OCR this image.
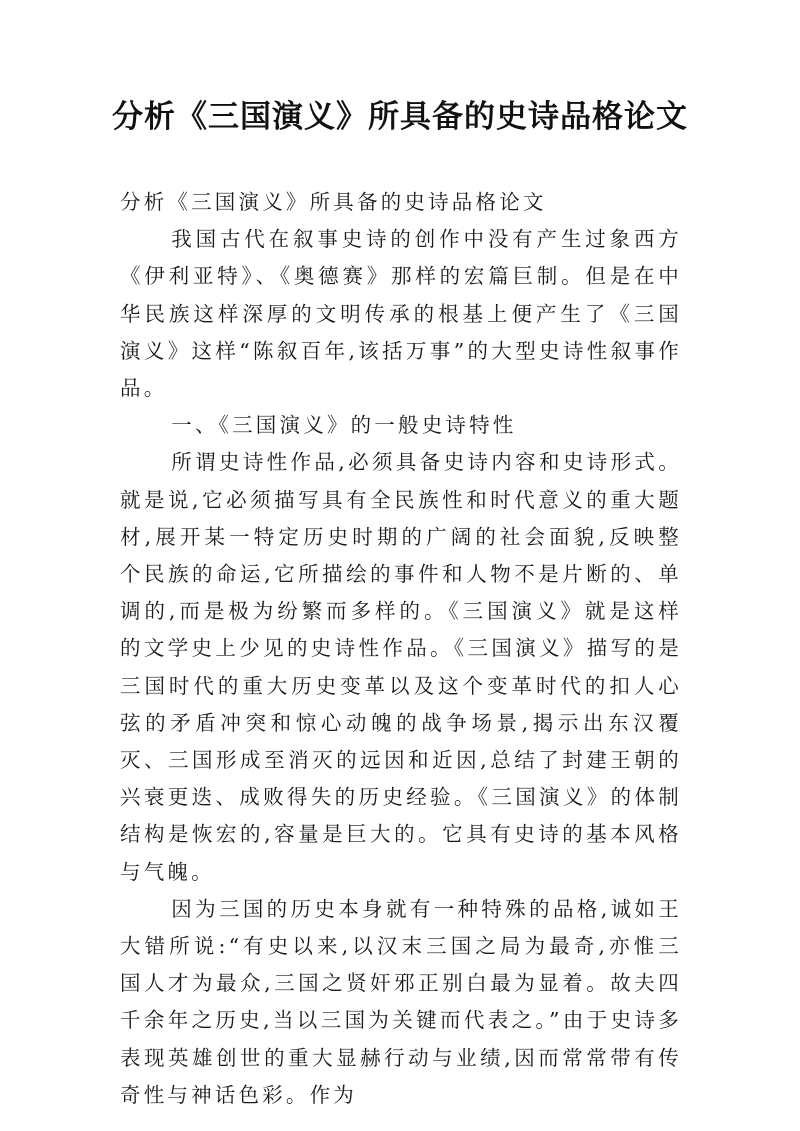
分析《三国演义》所具备的史诗品格论文

分析《三国演义》所具备的史诗品格论文

我国古代在叙事史诗的创作中没有产生过象西方《伊利亚特》、《奥德赛》那样的宏篇巨制。但是在中华民族这样深厚的文明传承的根基上便产生了《三国演义》这样“陈叙百年,该括万事”的大型史诗性叙事作品。

一、《三国演义》的一般史诗特性

所谓史诗性作品,必须具备史诗内容和史诗形式。就是说,它必须描写具有全民族性和时代意义的重大题材,展开某一特定历史时期的广阔的社会面貌,反映整个民族的命运,它所描绘的事件和人物不是片断的、单调的,而是极为纷繁而多样的。《三国演义》就是这样的文学史上少见的史诗性作品。《三国演义》描写的是三国时代的重大历史变革以及这个变革时代的扣人心弦的矛盾冲突和惊心动魄的战争场景,揭示出东汉覆灭、三国形成至消灭的远因和近因,总结了封建王朝的兴衰更迭、成败得失的历史经验。《三国演义》的体制结构是恢宏的,容量是巨大的。它具有史诗的基本风格与气魄。

因为三国的历史本身就有一种特殊的品格,诚如王大错所说:“有史以来,以汉末三国之局为最奇,亦惟三国人才为最众,三国之贤奸邪正别白最为显着。故夫四千余年之历史,当以三国为关键而代表之。”由于史诗多表现英雄创世的重大显赫行动与业绩,因而常常带有传奇性与神话色彩。作为
